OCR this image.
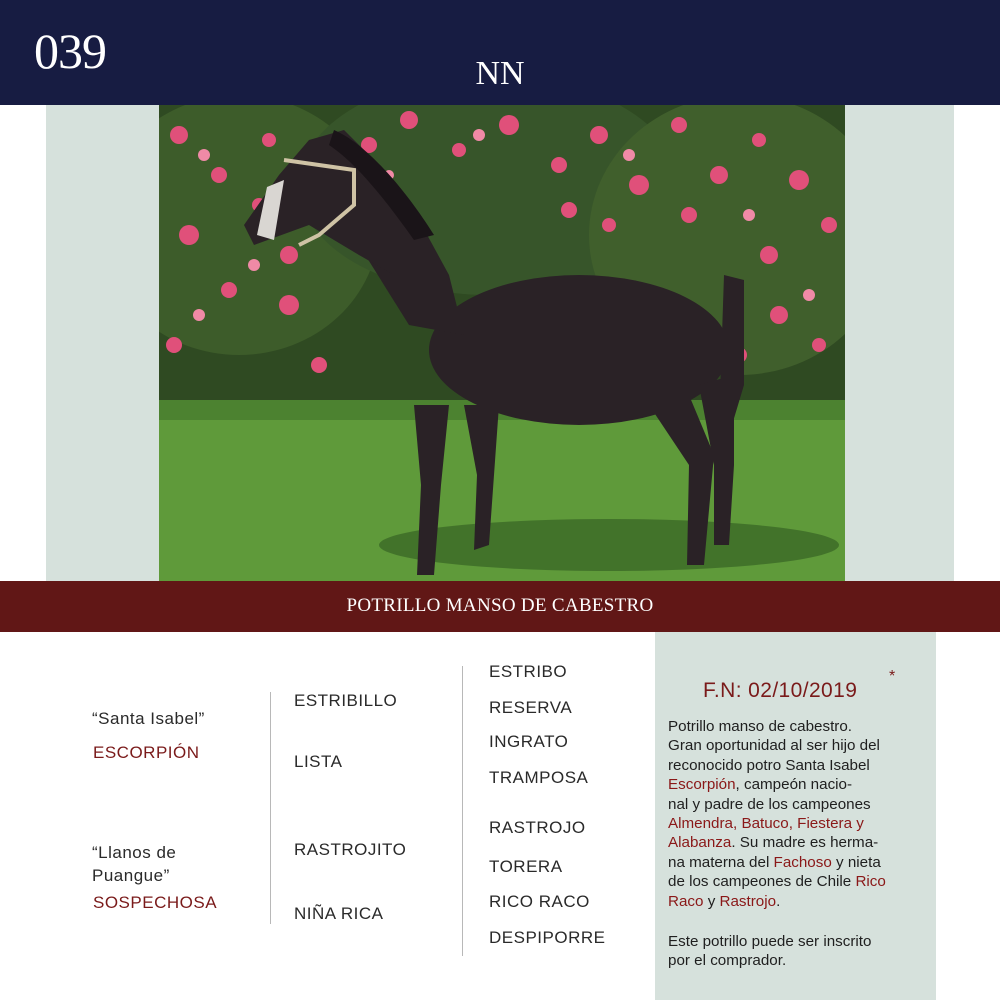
039	NN
POTRILLO MANSO DE CABESTRO
“Santa Isabel”
ESCORPIÓN
“Llanos de
Puangue”
SOSPECHOSA
ESTRIBILLO
LISTA
RASTROJITO
NIÑA RICA
ESTRIBO
RESERVA
INGRATO
TRAMPOSA
RASTROJO
TORERA
RICO RACO
DESPIPORRE
F.N: 02/10/2019
*
Potrillo manso de cabestro.
Gran oportunidad al ser hijo del
reconocido potro Santa Isabel
Escorpión, campeón nacio-
nal y padre de los campeones
Almendra, Batuco, Fiestera y
Alabanza. Su madre es herma-
na materna del Fachoso y nieta
de los campeones de Chile Rico
Raco y Rastrojo.
Este potrillo puede ser inscrito
por el comprador.
